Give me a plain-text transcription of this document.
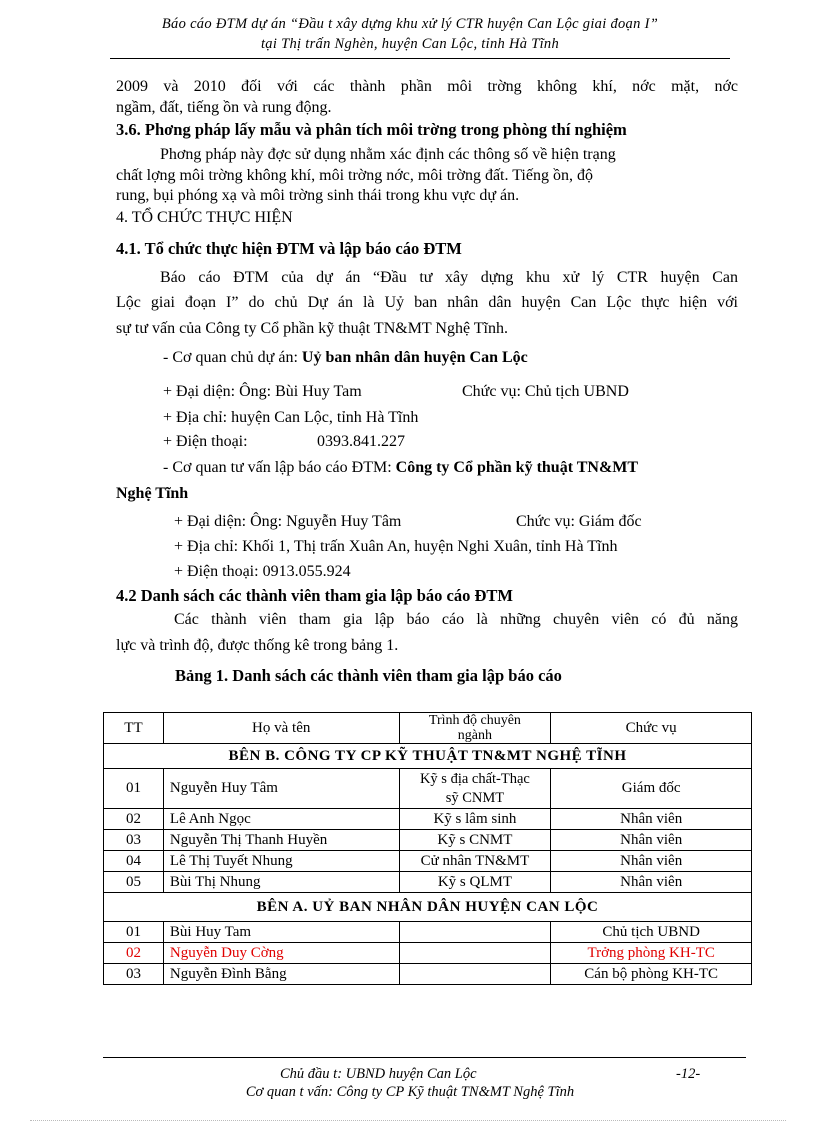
Báo cáo ĐTM dự án “Đầu t xây dựng khu xử lý CTR huyện Can Lộc giai đoạn I”
tại Thị trấn Nghèn, huyện Can Lộc, tỉnh Hà Tĩnh
2009 và 2010 đối với các thành phần môi trờng không khí, nớc mặt, nớc
ngầm, đất, tiếng ồn và rung động.
3.6. Phơng pháp lấy mẫu và phân tích môi trờng trong phòng thí nghiệm
Phơng pháp này đợc sử dụng nhằm xác định các thông số về hiện trạng
chất lợng môi trờng không khí, môi trờng nớc, môi trờng đất. Tiếng ồn, độ
rung, bụi phóng xạ và môi trờng sinh thái trong khu vực dự án.
4. TỔ CHỨC THỰC HIỆN
4.1. Tổ chức thực hiện ĐTM và lập báo cáo ĐTM
Báo cáo ĐTM của dự án “Đầu tư xây dựng khu xử lý CTR huyện Can
Lộc giai đoạn I” do chủ Dự án là Uỷ ban nhân dân huyện Can Lộc thực hiện với
sự tư vấn của Công ty Cổ phần kỹ thuật TN&MT Nghệ Tĩnh.
- Cơ quan chủ dự án: Uỷ ban nhân dân huyện Can Lộc
+ Đại diện: Ông: Bùi Huy Tam	Chức vụ: Chủ tịch UBND
+ Địa chỉ: huyện Can Lộc, tỉnh Hà Tĩnh
+ Điện thoại:	0393.841.227
- Cơ quan tư vấn lập báo cáo ĐTM: Công ty Cổ phần kỹ thuật TN&MT
Nghệ Tĩnh
+ Đại diện: Ông: Nguyễn Huy Tâm	Chức vụ: Giám đốc
+ Địa chỉ: Khối 1, Thị trấn Xuân An, huyện Nghi Xuân, tỉnh Hà Tĩnh
+ Điện thoại: 0913.055.924
4.2 Danh sách các thành viên tham gia lập báo cáo ĐTM
Các thành viên tham gia lập báo cáo là những chuyên viên có đủ năng
lực và trình độ, được thống kê trong bảng 1.
Bảng 1. Danh sách các thành viên tham gia lập báo cáo
TT	Họ và tên	Trình độ chuyên ngành	Chức vụ
BÊN B. CÔNG TY CP KỸ THUẬT TN&MT NGHỆ TĨNH			
01	Nguyễn Huy Tâm	Kỹ s địa chất-Thạc sỹ CNMT	Giám đốc
02	Lê Anh Ngọc	Kỹ s lâm sinh	Nhân viên
03	Nguyễn Thị Thanh Huyền	Kỹ s CNMT	Nhân viên
04	Lê Thị Tuyết Nhung	Cử nhân TN&MT	Nhân viên
05	Bùi Thị Nhung	Kỹ s QLMT	Nhân viên
BÊN A. UỶ BAN NHÂN DÂN HUYỆN CAN LỘC			
01	Bùi Huy Tam		Chủ tịch UBND
02	Nguyễn Duy Cờng		Trởng phòng KH-TC
03	Nguyễn Đình Bằng		Cán bộ phòng KH-TC
Chủ đầu t: UBND huyện Can Lộc	-12-
Cơ quan t vấn: Công ty CP Kỹ thuật TN&MT Nghệ Tĩnh
